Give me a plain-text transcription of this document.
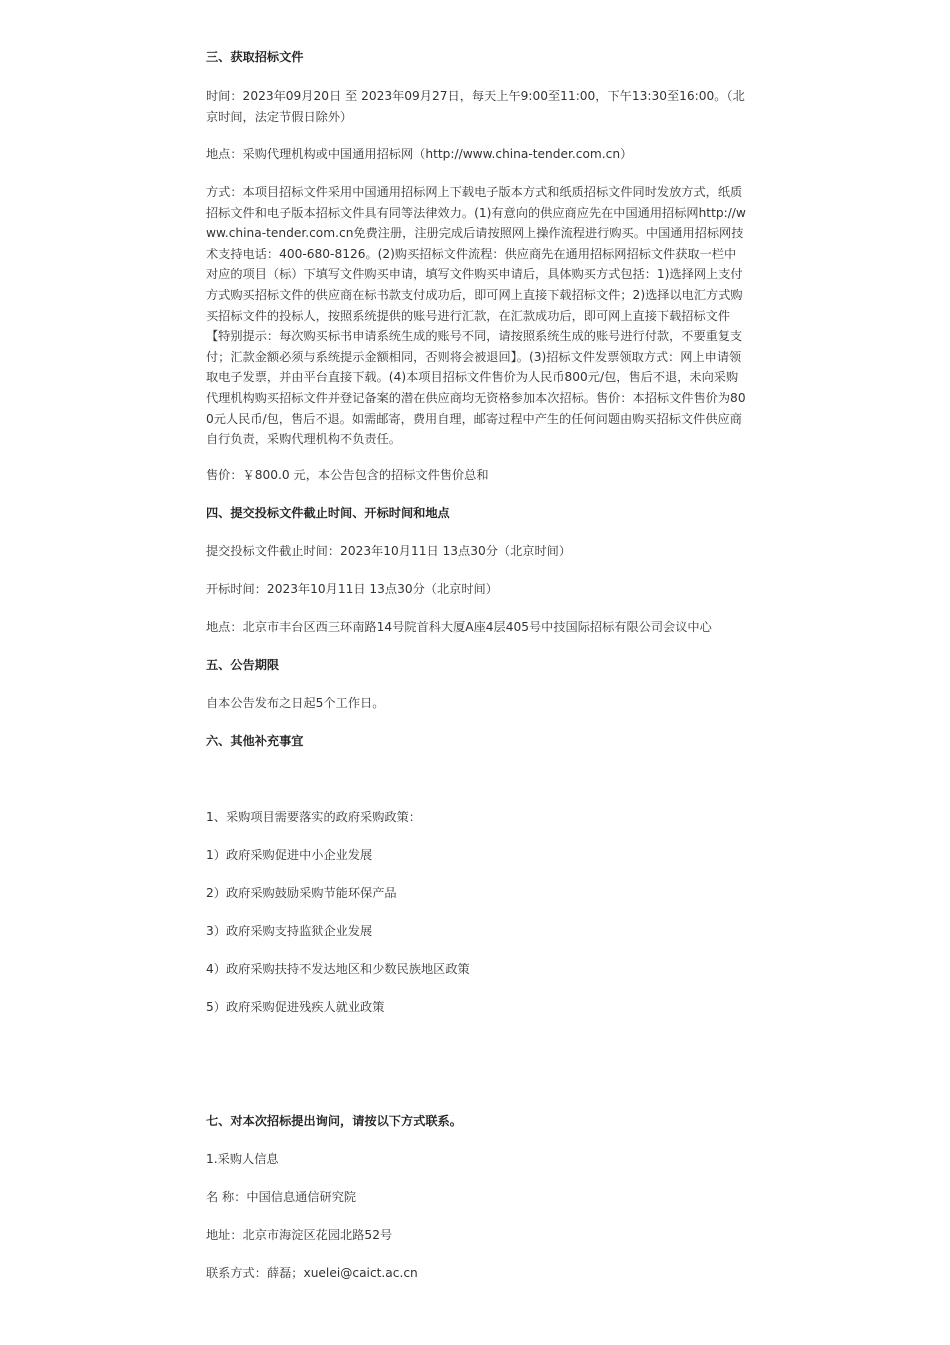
三、获取招标文件

时间：2023年09月20日 至 2023年09月27日，每天上午9:00至11:00，下午13:30至16:00。（北京时间，法定节假日除外）

地点：采购代理机构或中国通用招标网（http://www.china-tender.com.cn）

方式：本项目招标文件采用中国通用招标网上下载电子版本方式和纸质招标文件同时发放方式，纸质招标文件和电子版本招标文件具有同等法律效力。(1)有意向的供应商应先在中国通用招标网http://www.china-tender.com.cn免费注册，注册完成后请按照网上操作流程进行购买。中国通用招标网技术支持电话：400-680-8126。(2)购买招标文件流程：供应商先在通用招标网招标文件获取一栏中对应的项目（标）下填写文件购买申请，填写文件购买申请后，具体购买方式包括：1)选择网上支付方式购买招标文件的供应商在标书款支付成功后，即可网上直接下载招标文件；2)选择以电汇方式购买招标文件的投标人，按照系统提供的账号进行汇款，在汇款成功后，即可网上直接下载招标文件【特别提示：每次购买标书申请系统生成的账号不同，请按照系统生成的账号进行付款，不要重复支付；汇款金额必须与系统提示金额相同，否则将会被退回】。(3)招标文件发票领取方式：网上申请领取电子发票，并由平台直接下载。(4)本项目招标文件售价为人民币800元/包，售后不退，未向采购代理机构购买招标文件并登记备案的潜在供应商均无资格参加本次招标。售价：本招标文件售价为800元人民币/包，售后不退。如需邮寄，费用自理，邮寄过程中产生的任何问题由购买招标文件供应商自行负责，采购代理机构不负责任。

售价：￥800.0 元，本公告包含的招标文件售价总和

四、提交投标文件截止时间、开标时间和地点

提交投标文件截止时间：2023年10月11日 13点30分（北京时间）

开标时间：2023年10月11日 13点30分（北京时间）

地点：北京市丰台区西三环南路14号院首科大厦A座4层405号中技国际招标有限公司会议中心

五、公告期限

自本公告发布之日起5个工作日。

六、其他补充事宜

1、采购项目需要落实的政府采购政策：

1）政府采购促进中小企业发展

2）政府采购鼓励采购节能环保产品

3）政府采购支持监狱企业发展

4）政府采购扶持不发达地区和少数民族地区政策

5）政府采购促进残疾人就业政策

七、对本次招标提出询问，请按以下方式联系。

1.采购人信息

名 称：中国信息通信研究院

地址：北京市海淀区花园北路52号

联系方式：薛磊；xuelei@caict.ac.cn
